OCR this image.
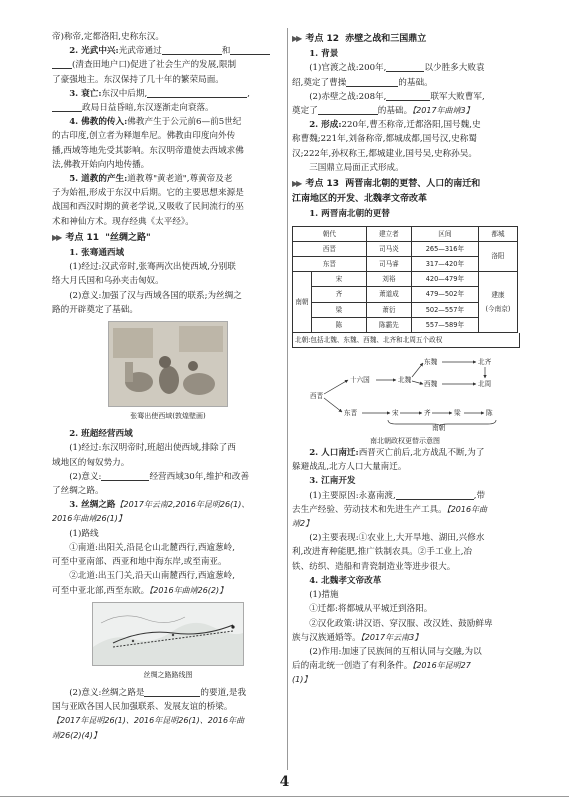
帝)称帝,定都洛阳,史称东汉。

2. 光武中兴:光武帝通过	和

(清查田地户口)促进了社会生产的发展,限制

了豪强地主。东汉保持了几十年的繁荣局面。

3. 衰亡:东汉中后期,	,

政局日益昏暗,东汉逐渐走向衰落。

4. 佛教的传入:佛教产生于公元前6—前5世纪

的古印度,创立者为释迦牟尼。佛教由印度向外传

播,西域等地先受其影响。东汉明帝遣使去西域求佛

法,佛教开始向内地传播。

5. 道教的产生:道教尊"黄老道",尊黄帝及老

子为始祖,形成于东汉中后期。它的主要思想来源是

战国和西汉时期的黄老学说,又吸收了民间流行的巫

术和神仙方术。现存经典《太平经》。

▶▶ 考点 11 "丝绸之路"

1. 张骞通西域

(1)经过:汉武帝时,张骞两次出使西域,分别联

络大月氏国和乌孙夹击匈奴。

(2)意义:加强了汉与西域各国的联系;为丝绸之

路的开辟奠定了基础。

张骞出使西域(敦煌壁画)

2. 班超经营西域

(1)经过:东汉明帝时,班超出使西域,排除了西

域地区的匈奴势力。

(2)意义:	经营西域30年,维护和改善

了丝绸之路。

3. 丝绸之路【2017年云南2,2016年昆明26(1)、

2016年曲靖26(1)】

(1)路线

①南道:出阳关,沿昆仑山北麓西行,西逾葱岭,

可至中亚南部、西亚和地中海东岸,或至南亚。

②北道:出玉门关,沿天山南麓西行,西逾葱岭,

可至中亚北部,西至东欧。【2016年曲靖26(2)】

丝绸之路路线图

(2)意义:丝绸之路是	的要道,是我

国与亚欧各国人民加强联系、发展友谊的桥梁。

【2017年昆明26(1)、2016年昆明26(1)、2016年曲

靖26(2)(4)】

▶▶ 考点 12 赤壁之战和三国鼎立

1. 背景

(1)官渡之战:200年,	以少胜多大败袁

绍,奠定了曹操	的基础。

(2)赤壁之战:208年,	联军大败曹军,

奠定了	的基础。【2017年曲靖3】

2. 形成:220年,曹丕称帝,迁都洛阳,国号魏,史

称曹魏;221年,刘备称帝,都城成都,国号汉,史称蜀

汉;222年,孙权称王,都城建业,国号吴,史称孙吴。

三国鼎立局面正式形成。

▶▶ 考点 13 两晋南北朝的更替、人口的南迁和

江南地区的开发、北魏孝文帝改革

1. 两晋南北朝的更替

朝代		建立者	区间	都城
西晋		司马炎	265—316年	洛阳
东晋		司马睿	317—420年	
南朝	宋	刘裕	420—479年	建康
(今南京)

	齐	萧道成	479—502年	
	梁	萧衍	502—557年	
	陈	陈霸先	557—589年	
北朝:包括北魏、东魏、西魏、北齐和北周五个政权
西晋
十六国	北魏
东魏	北齐
西魏	北周
东晋	宋	齐	梁	陈
南朝
南北朝政权更替示意图

2. 人口南迁:西晋灭亡前后,北方战乱不断,为了

躲避战乱,北方人口大量南迁。

3. 江南开发

(1)主要原因:永嘉南渡,	,带

去生产经验、劳动技术和先进生产工具。【2016年曲

靖2】

(2)主要表现:①农业上,大开旱地、湖田,兴修水

利,改进育种能肥,推广铁制农具。②手工业上,冶

铁、纺织、造船和青瓷制造业等进步很大。

4. 北魏孝文帝改革

(1)措施

①迁都:将都城从平城迁到洛阳。

②汉化政策:讲汉语、穿汉服、改汉姓、鼓励鲜卑

族与汉族通婚等。【2017年云南3】

(2)作用:加速了民族间的互相认同与交融,为以

后的南北统一创造了有利条件。【2016年昆明27

(1)】

4
